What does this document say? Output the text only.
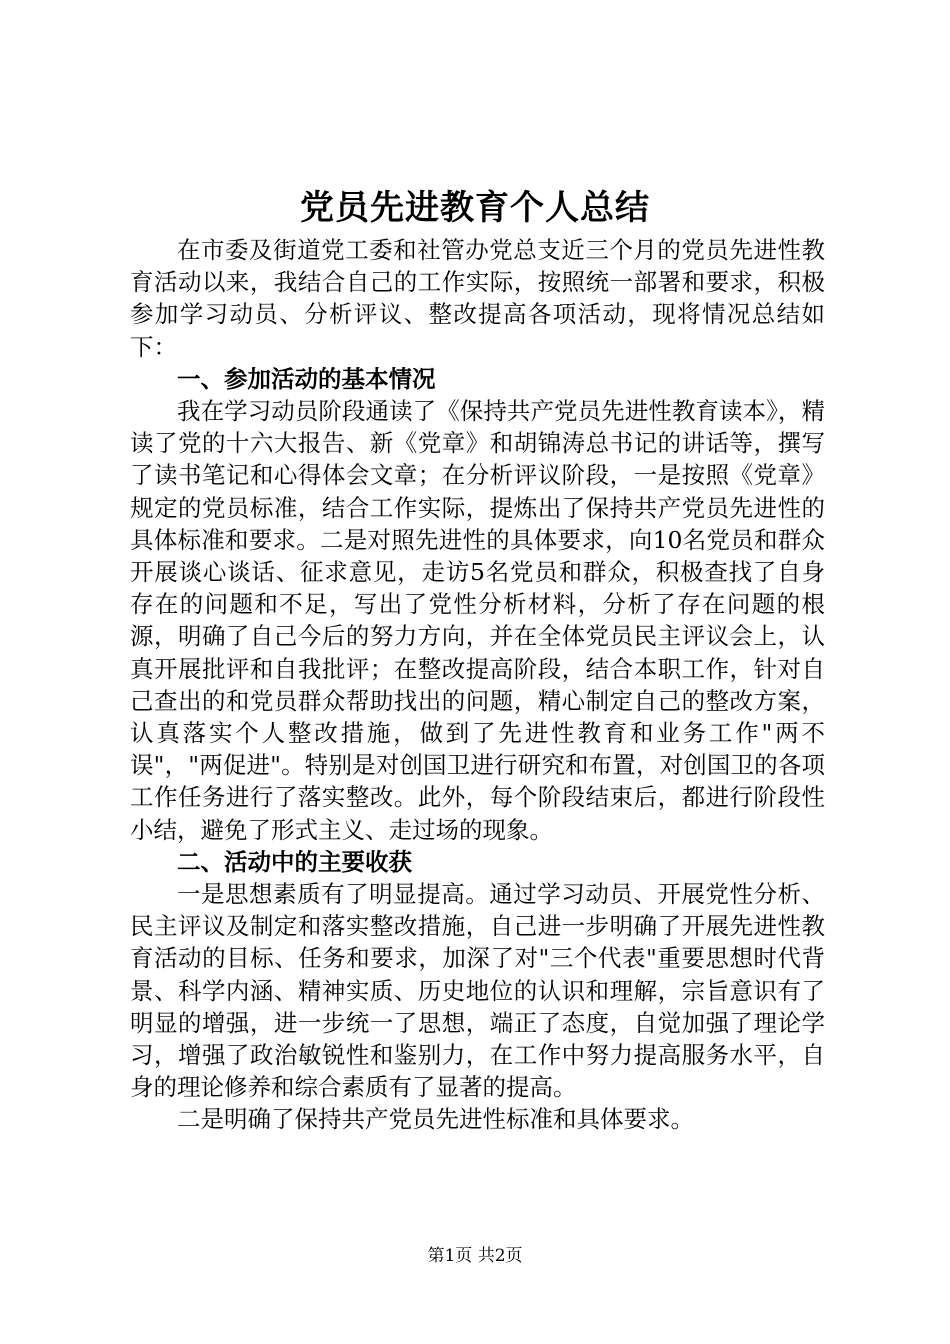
党员先进教育个人总结

在市委及街道党工委和社管办党总支近三个月的党员先进性教育活动以来，我结合自己的工作实际，按照统一部署和要求，积极参加学习动员、分析评议、整改提高各项活动，现将情况总结如下：

一、参加活动的基本情况

我在学习动员阶段通读了《保持共产党员先进性教育读本》，精读了党的十六大报告、新《党章》和胡锦涛总书记的讲话等，撰写了读书笔记和心得体会文章；在分析评议阶段，一是按照《党章》规定的党员标准，结合工作实际，提炼出了保持共产党员先进性的具体标准和要求。二是对照先进性的具体要求，向10名党员和群众开展谈心谈话、征求意见，走访5名党员和群众，积极查找了自身存在的问题和不足，写出了党性分析材料，分析了存在问题的根源，明确了自己今后的努力方向，并在全体党员民主评议会上，认真开展批评和自我批评；在整改提高阶段，结合本职工作，针对自己查出的和党员群众帮助找出的问题，精心制定自己的整改方案，认真落实个人整改措施，做到了先进性教育和业务工作"两不误"，"两促进"。特别是对创国卫进行研究和布置，对创国卫的各项工作任务进行了落实整改。此外，每个阶段结束后，都进行阶段性小结，避免了形式主义、走过场的现象。

二、活动中的主要收获

一是思想素质有了明显提高。通过学习动员、开展党性分析、民主评议及制定和落实整改措施，自己进一步明确了开展先进性教育活动的目标、任务和要求，加深了对"三个代表"重要思想时代背景、科学内涵、精神实质、历史地位的认识和理解，宗旨意识有了明显的增强，进一步统一了思想，端正了态度，自觉加强了理论学习，增强了政治敏锐性和鉴别力，在工作中努力提高服务水平，自身的理论修养和综合素质有了显著的提高。

二是明确了保持共产党员先进性标准和具体要求。

第1页 共2页
